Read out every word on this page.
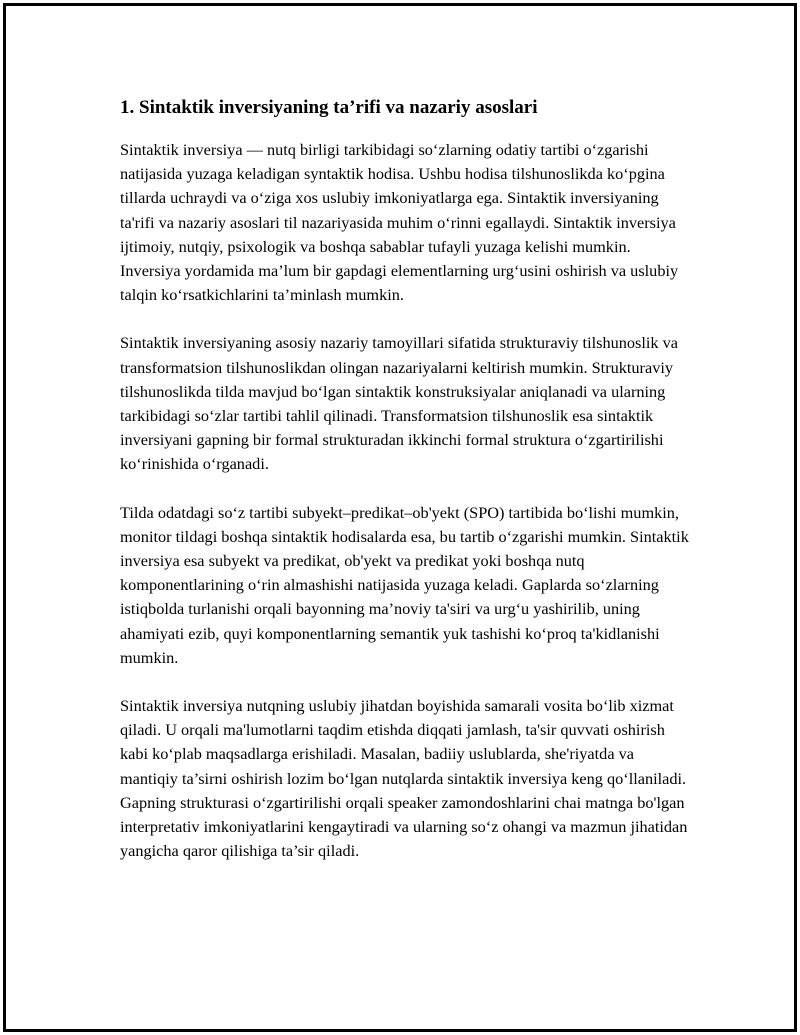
1. Sintaktik inversiyaning ta’rifi va nazariy asoslari

Sintaktik inversiya — nutq birligi tarkibidagi so‘zlarning odatiy tartibi o‘zgarishi natijasida yuzaga keladigan syntaktik hodisa. Ushbu hodisa tilshunoslikda ko‘pgina tillarda uchraydi va o‘ziga xos uslubiy imkoniyatlarga ega. Sintaktik inversiyaning ta'rifi va nazariy asoslari til nazariyasida muhim o‘rinni egallaydi. Sintaktik inversiya ijtimoiy, nutqiy, psixologik va boshqa sabablar tufayli yuzaga kelishi mumkin. Inversiya yordamida ma’lum bir gapdagi elementlarning urg‘usini oshirish va uslubiy talqin ko‘rsatkichlarini ta’minlash mumkin.

Sintaktik inversiyaning asosiy nazariy tamoyillari sifatida strukturaviy tilshunoslik va transformatsion tilshunoslikdan olingan nazariyalarni keltirish mumkin. Strukturaviy tilshunoslikda tilda mavjud bo‘lgan sintaktik konstruksiyalar aniqlanadi va ularning tarkibidagi so‘zlar tartibi tahlil qilinadi. Transformatsion tilshunoslik esa sintaktik inversiyani gapning bir formal strukturadan ikkinchi formal struktura o‘zgartirilishi ko‘rinishida o‘rganadi.

Tilda odatdagi so‘z tartibi subyekt–predikat–ob'yekt (SPO) tartibida bo‘lishi mumkin, monitor tildagi boshqa sintaktik hodisalarda esa, bu tartib o‘zgarishi mumkin. Sintaktik inversiya esa subyekt va predikat, ob'yekt va predikat yoki boshqa nutq komponentlarining o‘rin almashishi natijasida yuzaga keladi. Gaplarda so‘zlarning istiqbolda turlanishi orqali bayonning ma’noviy ta'siri va urg‘u yashirilib, uning ahamiyati ezib, quyi komponentlarning semantik yuk tashishi ko‘proq ta'kidlanishi mumkin.

Sintaktik inversiya nutqning uslubiy jihatdan boyishida samarali vosita bo‘lib xizmat qiladi. U orqali ma'lumotlarni taqdim etishda diqqati jamlash, ta'sir quvvati oshirish kabi ko‘plab maqsadlarga erishiladi. Masalan, badiiy uslublarda, she'riyatda va mantiqiy ta’sirni oshirish lozim bo‘lgan nutqlarda sintaktik inversiya keng qo‘llaniladi. Gapning strukturasi o‘zgartirilishi orqali speaker zamondoshlarini chai matnga bo'lgan interpretativ imkoniyatlarini kengaytiradi va ularning so‘z ohangi va mazmun jihatidan yangicha qaror qilishiga ta’sir qiladi.
